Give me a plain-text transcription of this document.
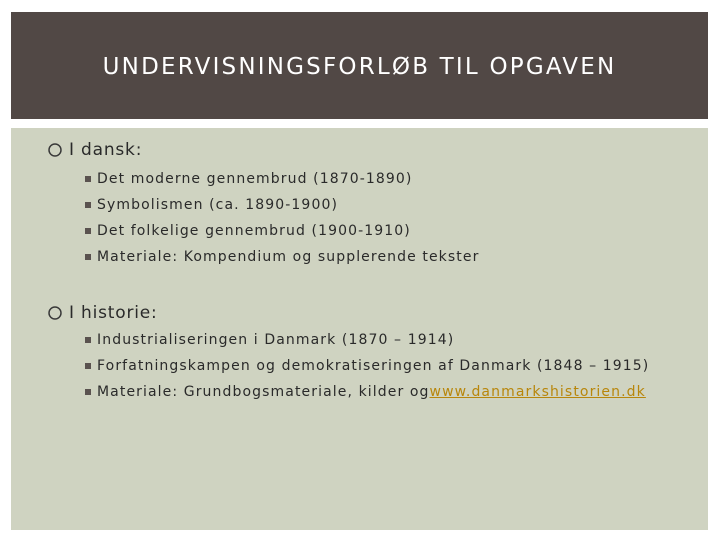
UNDERVISNINGSFORLØB TIL OPGAVEN
I dansk:
Det moderne gennembrud (1870-1890)
Symbolismen (ca. 1890-1900)
Det folkelige gennembrud (1900-1910)
Materiale: Kompendium og supplerende tekster
I historie:
Industrialiseringen i Danmark (1870 – 1914)
Forfatningskampen og demokratiseringen af Danmark (1848 – 1915)
Materiale: Grundbogsmateriale, kilder og www.danmarkshistorien.dk
